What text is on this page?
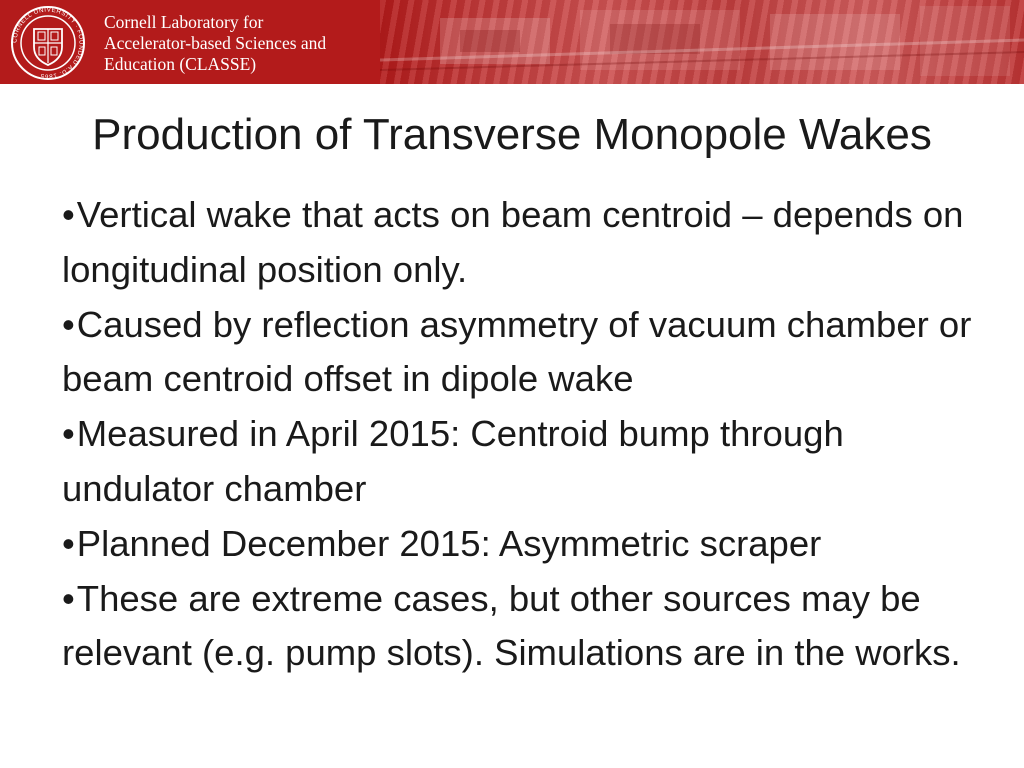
CORNELL UNIVERSITY · FOUNDED A.D. 1865
Cornell Laboratory for
Accelerator-based Sciences and
Education (CLASSE)
Production of Transverse Monopole Wakes

•Vertical wake that acts on beam centroid – depends on longitudinal position only.

•Caused by reflection asymmetry of vacuum chamber or beam centroid offset in dipole wake

•Measured in April 2015: Centroid bump through undulator chamber

•Planned December 2015: Asymmetric scraper

•These are extreme cases, but other sources may be relevant (e.g. pump slots). Simulations are in the works.
